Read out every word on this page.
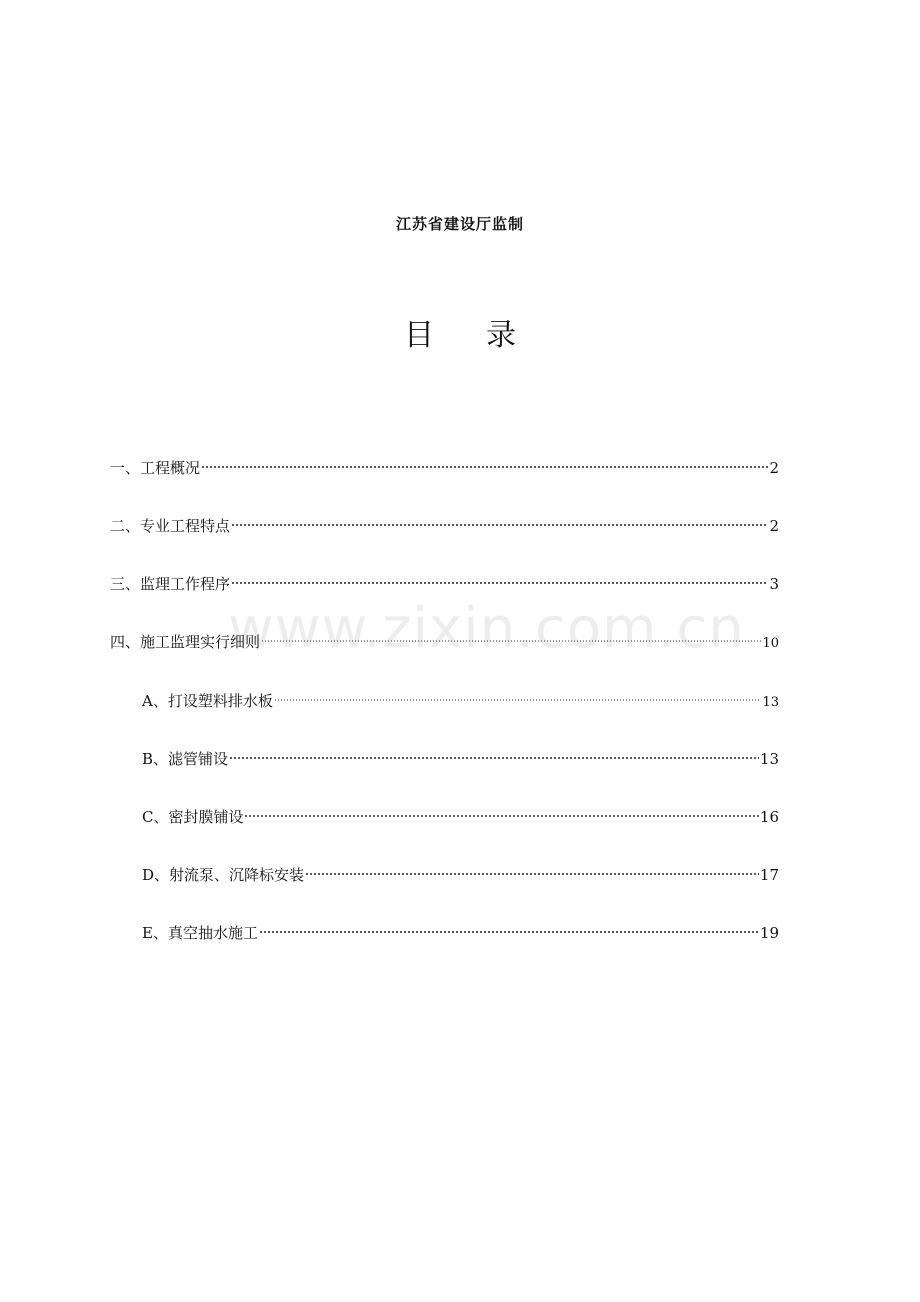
江苏省建设厅监制
目 录
www.zixin.com.cn
一、工程概况	2
二、专业工程特点	2
三、监理工作程序	3
四、施工监理实行细则	10
A、打设塑料排水板	13
B、滤管铺设	13
C、密封膜铺设	16
D、射流泵、沉降标安装	17
E、真空抽水施工	19
